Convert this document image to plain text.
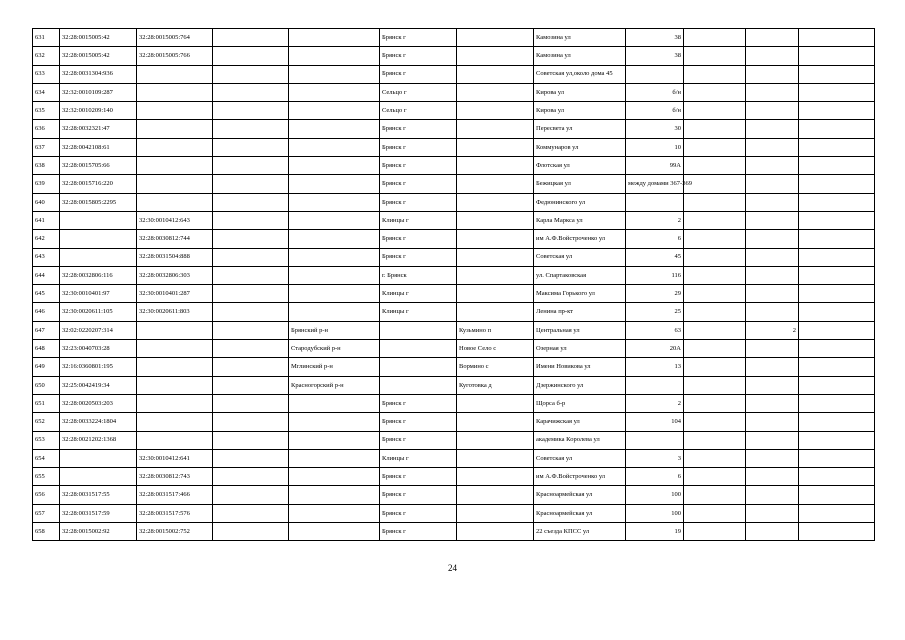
631	32:28:0015005:42	32:28:0015005:764			Брянск г		Камозина ул	38			
632	32:28:0015005:42	32:28:0015005:766			Брянск г		Камозина ул	38			
633	32:28:0031304:936				Брянск г		Советская ул,около дома 45				
634	32:32:0010109:287				Сельцо г		Кирова ул	б/н			
635	32:32:0010209:140				Сельцо г		Кирова ул	б/н			
636	32:28:0032321:47				Брянск г		Пересвета ул	30			
637	32:28:0042108:61				Брянск г		Коммунаров ул	10			
638	32:28:0015705:66				Брянск г		Флотская ул	99А			
639	32:28:0015716:220				Брянск г		Бежицкая ул	между домами 367-369			
640	32:28:0015805:2295				Брянск г		Федюнинского ул				
641		32:30:0010412:643			Клинцы г		Карла Маркса ул	2			
642		32:28:0030812:744			Брянск г		им А.Ф.Войстроченко ул	6			
643		32:28:0031504:888			Брянск г		Советская ул	45			
644	32:28:0032806:116	32:28:0032806:303			г. Брянск		ул. Спартаковская	116			
645	32:30:0010401:97	32:30:0010401:287			Клинцы г		Максима Горького ул	29			
646	32:30:0020611:105	32:30:0020611:803			Клинцы г		Ленина пр-кт	25			
647	32:02:0220207:314			Брянский р-н		Кузьмино п	Центральная ул	63		2	
648	32:23:0040703:28			Стародубский р-н		Новое Село с	Озерная ул	20А			
649	32:16:0360801:195			Мглинский р-н		Вормино с	Имени Новикова ул	13			
650	32:25:0042419:34			Красногорский р-н		Куготовка д	Дзержинского ул				
651	32:28:0020503:203				Брянск г		Щорса б-р	2			
652	32:28:0033224:1804				Брянск г		Карачижская ул	104			
653	32:28:0021202:1368				Брянск г		академика Королева ул				
654		32:30:0010412:641			Клинцы г		Советская ул	3			
655		32:28:0030812:743			Брянск г		им А.Ф.Войстроченко ул	6			
656	32:28:0031517:55	32:28:0031517:466			Брянск г		Красноармейская ул	100			
657	32:28:0031517:59	32:28:0031517:576			Брянск г		Красноармейская ул	100			
658	32:28:0015002:92	32:28:0015002:752			Брянск г		22 съезда КПСС ул	19			
24
